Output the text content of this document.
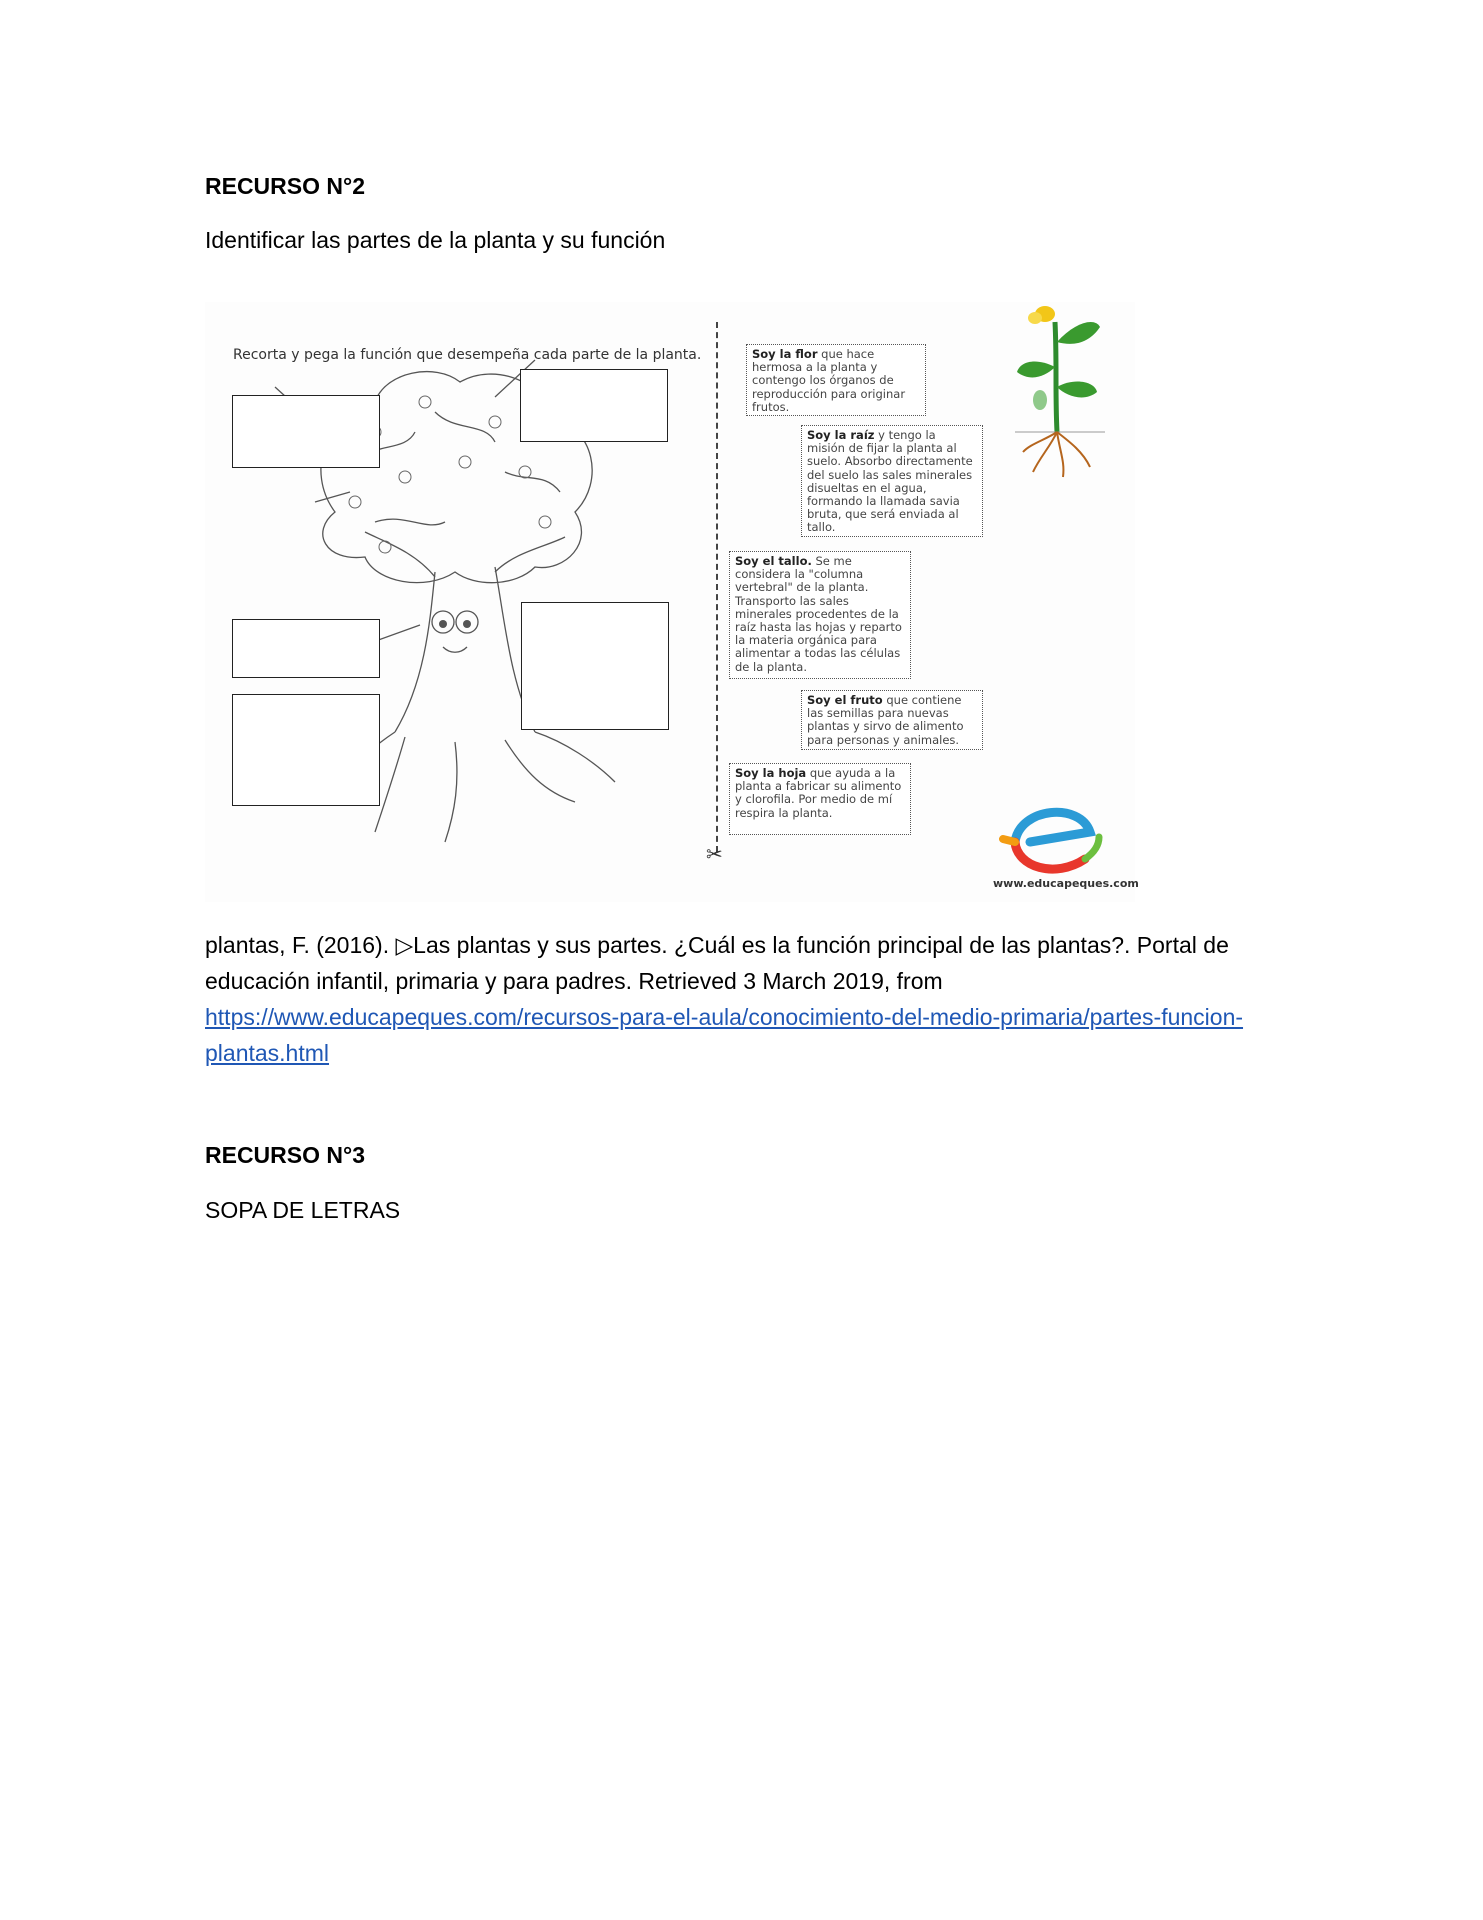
RECURSO N°2
Identificar las partes de la planta y su función
Recorta y pega la función que desempeña cada parte de la planta.
✂
Soy la flor que hace hermosa a la planta y contengo los órganos de reproducción para originar frutos.
Soy la raíz y tengo la misión de fijar la planta al suelo. Absorbo directamente del suelo las sales minerales disueltas en el agua, formando la llamada savia bruta, que será enviada al tallo.
Soy el tallo. Se me considera la "columna vertebral" de la planta. Transporto las sales minerales procedentes de la raíz hasta las hojas y reparto la materia orgánica para alimentar a todas las células de la planta.
Soy el fruto que contiene las semillas para nuevas plantas y sirvo de alimento para personas y animales.
Soy la hoja que ayuda a la planta a fabricar su alimento y clorofila. Por medio de mí respira la planta.
www.educapeques.com
plantas, F. (2016). ▷Las plantas y sus partes. ¿Cuál es la función principal de las plantas?. Portal de educación infantil, primaria y para padres. Retrieved 3 March 2019, from https://www.educapeques.com/recursos-para-el-aula/conocimiento-del-medio-primaria/partes-funcion-plantas.html
RECURSO N°3
SOPA DE LETRAS
